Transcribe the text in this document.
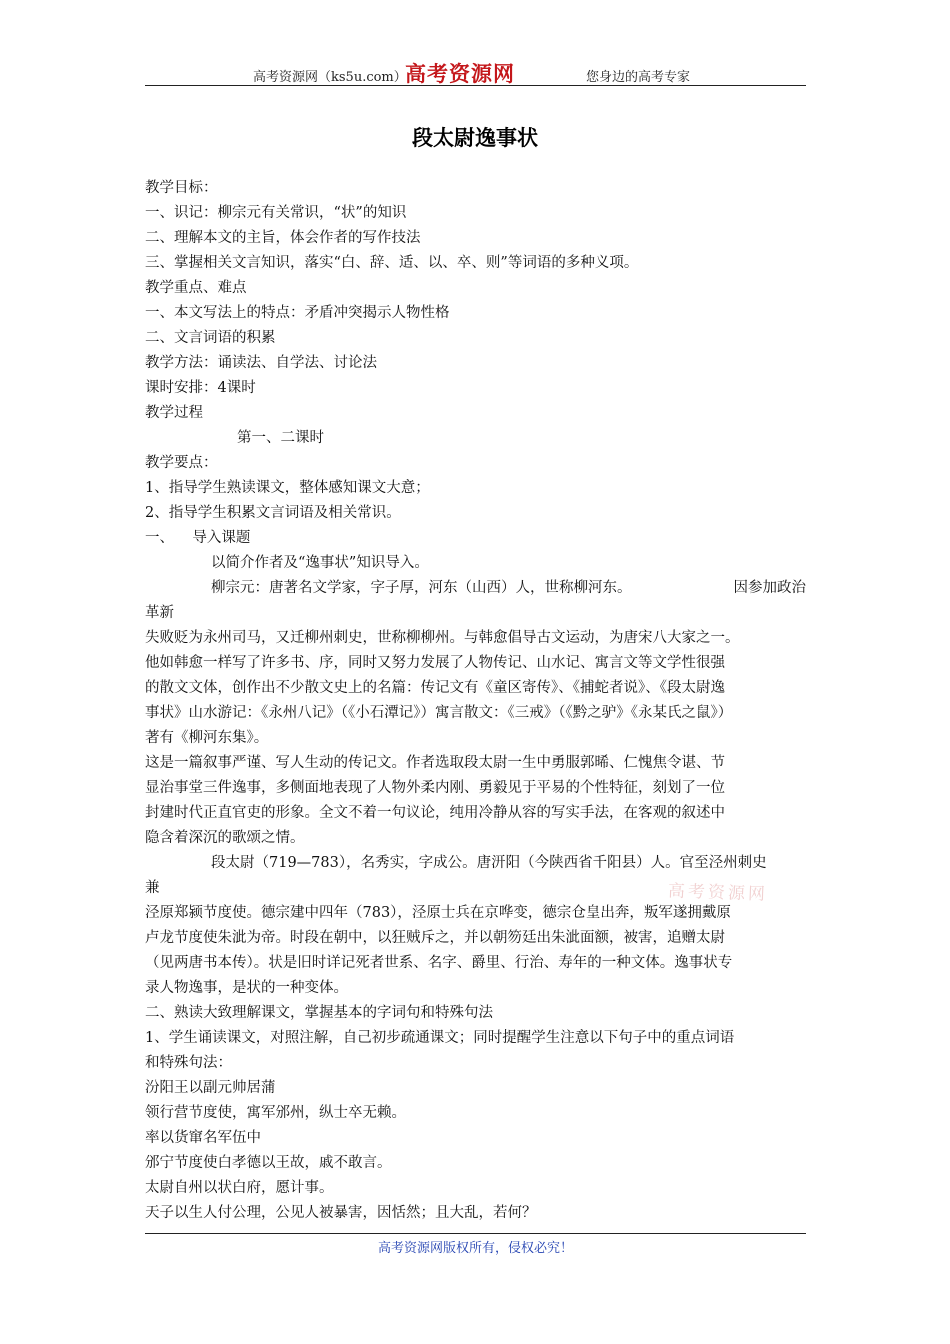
高考资源网（ks5u.com）
高考资源网	您身边的高考专家
段太尉逸事状
高考资源网
教学目标：
一、识记：柳宗元有关常识，“状”的知识
二、理解本文的主旨，体会作者的写作技法
三、掌握相关文言知识，落实“白、辞、适、以、卒、则”等词语的多种义项。
教学重点、难点
一、本文写法上的特点：矛盾冲突揭示人物性格
二、文言词语的积累
教学方法：诵读法、自学法、讨论法
课时安排：4课时
教学过程
第一、二课时
教学要点：
1、指导学生熟读课文，整体感知课文大意；
2、指导学生积累文言词语及相关常识。
一、    导入课题
以简介作者及“逸事状”知识导入。
柳宗元：唐著名文学家，字子厚，河东（山西）人，世称柳河东。	因参加政治
革新
失败贬为永州司马，又迁柳州刺史，世称柳柳州。与韩愈倡导古文运动，为唐宋八大家之一。
他如韩愈一样写了许多书、序，同时又努力发展了人物传记、山水记、寓言文等文学性很强
的散文文体，创作出不少散文史上的名篇：传记文有《童区寄传》、《捕蛇者说》、《段太尉逸
事状》山水游记：《永州八记》（《小石潭记》）寓言散文：《三戒》（《黔之驴》《永某氏之鼠》）
著有《柳河东集》。
这是一篇叙事严谨、写人生动的传记文。作者选取段太尉一生中勇服郭晞、仁愧焦令谌、节
显治事堂三件逸事，多侧面地表现了人物外柔内刚、勇毅见于平易的个性特征，刻划了一位
封建时代正直官吏的形象。全文不着一句议论，纯用冷静从容的写实手法，在客观的叙述中
隐含着深沉的歌颂之情。
段太尉（719—783），名秀实，字成公。唐汧阳（今陕西省千阳县）人。官至泾州刺史
兼
泾原郑颍节度使。德宗建中四年（783），泾原士兵在京哗变，德宗仓皇出奔，叛军遂拥戴原
卢龙节度使朱泚为帝。时段在朝中，以狂贼斥之，并以朝笏廷出朱泚面额，被害，追赠太尉
（见两唐书本传）。状是旧时详记死者世系、名字、爵里、行治、寿年的一种文体。逸事状专
录人物逸事，是状的一种变体。
二、熟读大致理解课文，掌握基本的字词句和特殊句法
1、学生诵读课文，对照注解，自己初步疏通课文；同时提醒学生注意以下句子中的重点词语
和特殊句法：
汾阳王以副元帅居蒲
领行营节度使，寓军邠州，纵士卒无赖。
率以货窜名军伍中
邠宁节度使白孝德以王故，戚不敢言。
太尉自州以状白府，愿计事。
天子以生人付公理，公见人被暴害，因恬然；且大乱，若何？
高考资源网版权所有，侵权必究！
